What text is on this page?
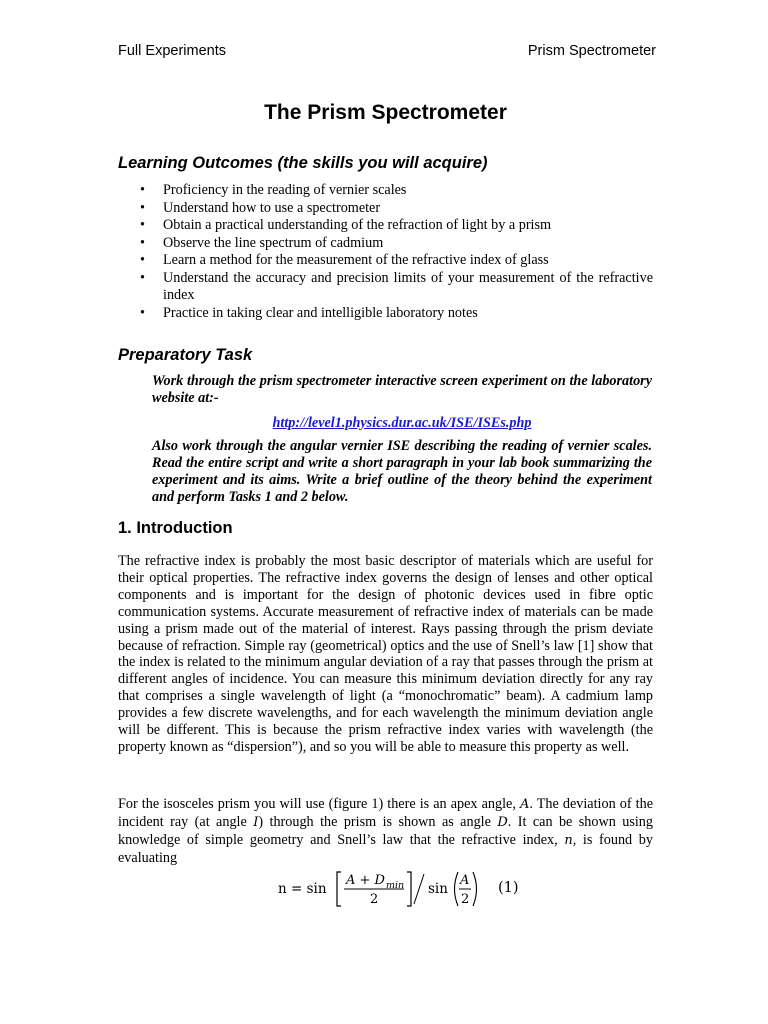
Full Experiments	Prism Spectrometer
The Prism Spectrometer
Learning Outcomes (the skills you will acquire)
• Proficiency in the reading of vernier scales
• Understand how to use a spectrometer
• Obtain a practical understanding of the refraction of light by a prism
• Observe the line spectrum of cadmium
• Learn a method for the measurement of the refractive index of glass
• Understand the accuracy and precision limits of your measurement of the refractive index
• Practice in taking clear and intelligible laboratory notes
Preparatory Task
Work through the prism spectrometer interactive screen experiment on the laboratory website at:-
http://level1.physics.dur.ac.uk/ISE/ISEs.php
Also work through the angular vernier ISE describing the reading of vernier scales. Read the entire script and write a short paragraph in your lab book summarizing the experiment and its aims. Write a brief outline of the theory behind the experiment and perform Tasks 1 and 2 below.
1. Introduction

The refractive index is probably the most basic descriptor of materials which are useful for their optical properties. The refractive index governs the design of lenses and other optical components and is important for the design of photonic devices used in fibre optic communication systems. Accurate measurement of refractive index of materials can be made using a prism made out of the material of interest. Rays passing through the prism deviate because of refraction. Simple ray (geometrical) optics and the use of Snell’s law [1] show that the index is related to the minimum angular deviation of a ray that passes through the prism at different angles of incidence. You can measure this minimum deviation directly for any ray that comprises a single wavelength of light (a “monochromatic” beam). A cadmium lamp provides a few discrete wavelengths, and for each wavelength the minimum deviation angle will be different. This is because the prism refractive index varies with wavelength (the property known as “dispersion”), and so you will be able to measure this property as well.

For the isosceles prism you will use (figure 1) there is an apex angle, A. The deviation of the incident ray (at angle I) through the prism is shown as angle D. It can be shown using knowledge of simple geometry and Snell’s law that the refractive index, n, is found by evaluating

n = sin
A + D min
2
sin
A
2
(1)
